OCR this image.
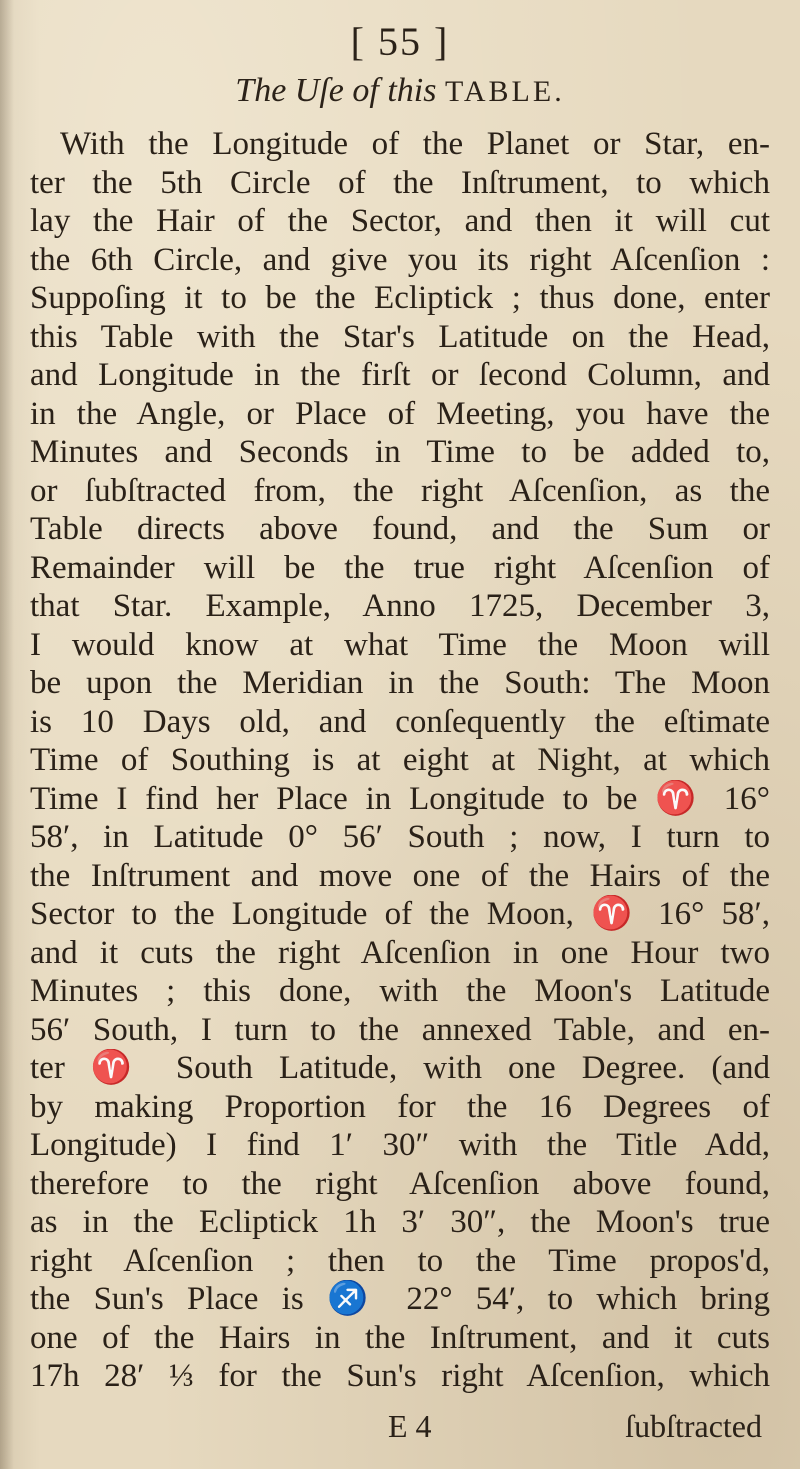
[ 55 ]
The Uſe of this TABLE.
With the Longitude of the Planet or Star, en-
ter the 5th Circle of the Inſtrument, to which
lay the Hair of the Sector, and then it will cut
the 6th Circle, and give you its right Aſcenſion :
Suppoſing it to be the Ecliptick ; thus done, enter
this Table with the Star's Latitude on the Head,
and Longitude in the firſt or ſecond Column, and
in the Angle, or Place of Meeting, you have the
Minutes and Seconds in Time to be added to,
or ſubſtracted from, the right Aſcenſion, as the
Table directs above found, and the Sum or
Remainder will be the true right Aſcenſion of
that Star. Example, Anno 1725, December 3,
I would know at what Time the Moon will
be upon the Meridian in the South: The Moon
is 10 Days old, and conſequently the eſtimate
Time of Southing is at eight at Night, at which
Time I find her Place in Longitude to be ♈ 16°
58′, in Latitude 0° 56′ South ; now, I turn to
the Inſtrument and move one of the Hairs of the
Sector to the Longitude of the Moon, ♈ 16° 58′,
and it cuts the right Aſcenſion in one Hour two
Minutes ; this done, with the Moon's Latitude
56′ South, I turn to the annexed Table, and en-
ter ♈ South Latitude, with one Degree. (and
by making Proportion for the 16 Degrees of
Longitude) I find 1′ 30″ with the Title Add,
therefore to the right Aſcenſion above found,
as in the Ecliptick 1h 3′ 30″, the Moon's true
right Aſcenſion ; then to the Time propos'd,
the Sun's Place is ♐ 22° 54′, to which bring
one of the Hairs in the Inſtrument, and it cuts
17h 28′ ⅓ for the Sun's right Aſcenſion, which
E 4	ſubſtracted
